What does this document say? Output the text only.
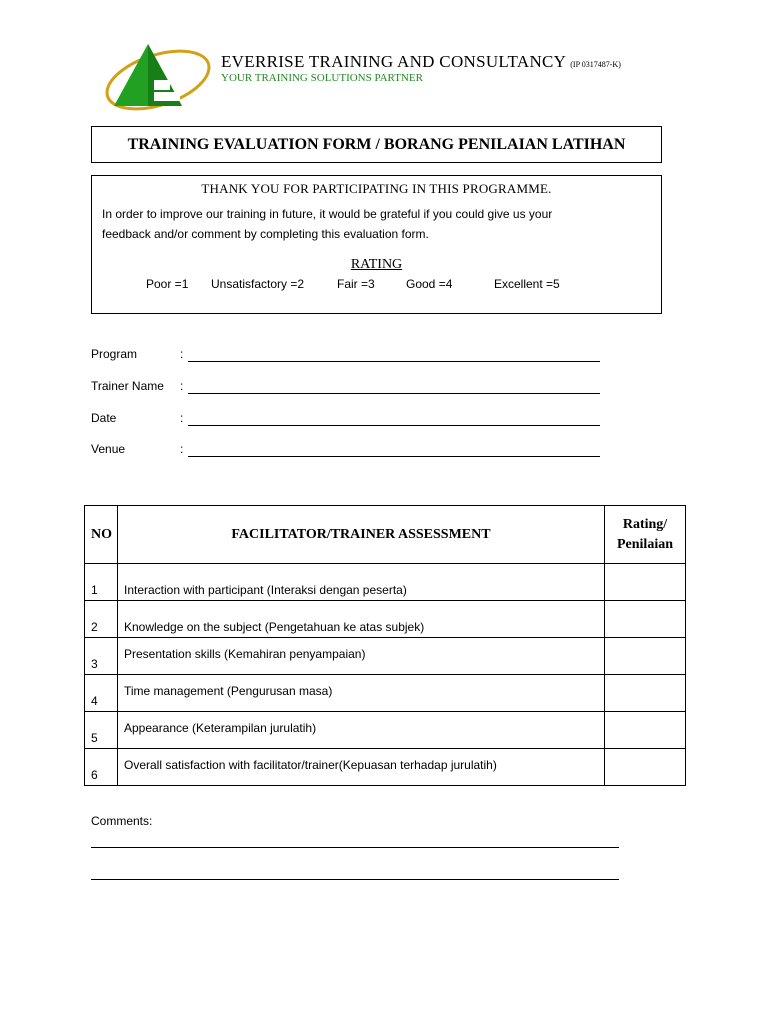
EVERRISE TRAINING AND CONSULTANCY (IP 0317487-K)
YOUR TRAINING SOLUTIONS PARTNER
TRAINING EVALUATION FORM / BORANG PENILAIAN LATIHAN
THANK YOU FOR PARTICIPATING IN THIS PROGRAMME.
In order to improve our training in future, it would be grateful if you could give us your
feedback and/or comment by completing this evaluation form.
RATING
Poor =1 Unsatisfactory =2	Fair =3	Good =4	Excellent =5
Program	:
Trainer Name :
Date	:
Venue	:
NO	FACILITATOR/TRAINER ASSESSMENT	Rating/
Penilaian

1	Interaction with participant (Interaksi dengan peserta)	
2	Knowledge on the subject (Pengetahuan ke atas subjek)	
3	Presentation skills (Kemahiran penyampaian)	
4	Time management (Pengurusan masa)	
5	Appearance (Keterampilan jurulatih)	
6	Overall satisfaction with facilitator/trainer(Kepuasan terhadap jurulatih)	
Comments:
